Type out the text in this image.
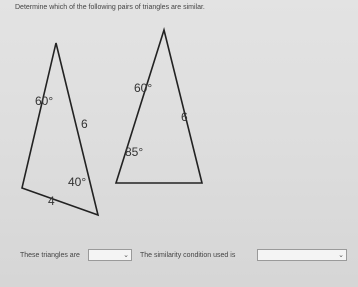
Determine which of the following pairs of triangles are similar.
60°
6
40°
4
60°
6
85°
These triangles are	⌄ The similarity condition used is	⌄
